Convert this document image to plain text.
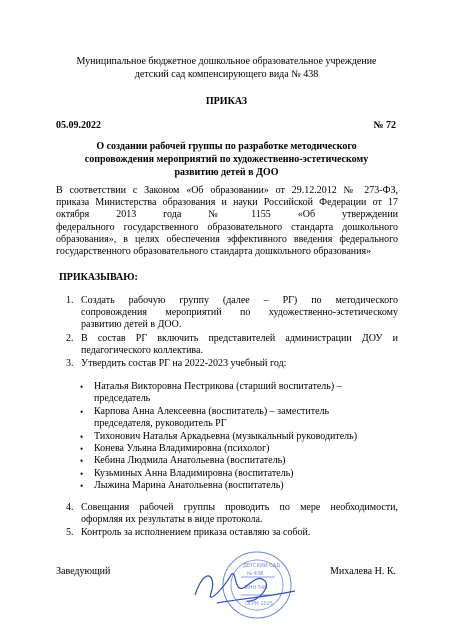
Муниципальное бюджетное дошкольное образовательное учреждение
детский сад компенсирующего вида № 438
ПРИКАЗ
05.09.2022	№ 72
О создании рабочей группы по разработке методического
сопровождения мероприятий по художественно-эстетическому
развитию детей в ДОО
В соответствии с Законом «Об образовании» от 29.12.2012 № 273-ФЗ,
приказа Министерства образования и науки Российской Федерации от 17
октября 2013 года № 1155 «Об утверждении
федерального государственного образовательного стандарта дошкольного
образования», в целях обеспечения эффективного введения федерального
государственного образовательного стандарта дошкольного образования»
ПРИКАЗЫВАЮ:
1. Создать рабочую группу (далее – РГ) по методического
сопровождения мероприятий по художественно-эстетическому
развитию детей в ДОО.
2. В состав РГ включить представителей администрации ДОУ и
педагогического коллектива.
3. Утвердить состав РГ на 2022-2023 учебный год:
• Наталья Викторовна Пестрикова (старший воспитатель) –
председатель
• Карпова Анна Алексеевна (воспитатель) – заместитель
председателя, руководитель РГ
• Тихонович Наталья Аркадьевна (музыкальный руководитель)
• Конева Ульяна Владимировна (психолог)
• Кебина Людмила Анатольевна (воспитатель)
• Кузьминых Анна Владимировна (воспитатель)
• Лыжина Марина Анатольевна (воспитатель)
4. Совещания рабочей группы проводить по мере необходимости,
оформляя их результаты в виде протокола.
5. Контроль за исполнением приказа оставляю за собой.
ДЕТСКИЙ САД
№ 438
ИНН 540
ОГРН 1025
Заведующий	Михалева Н. К.
